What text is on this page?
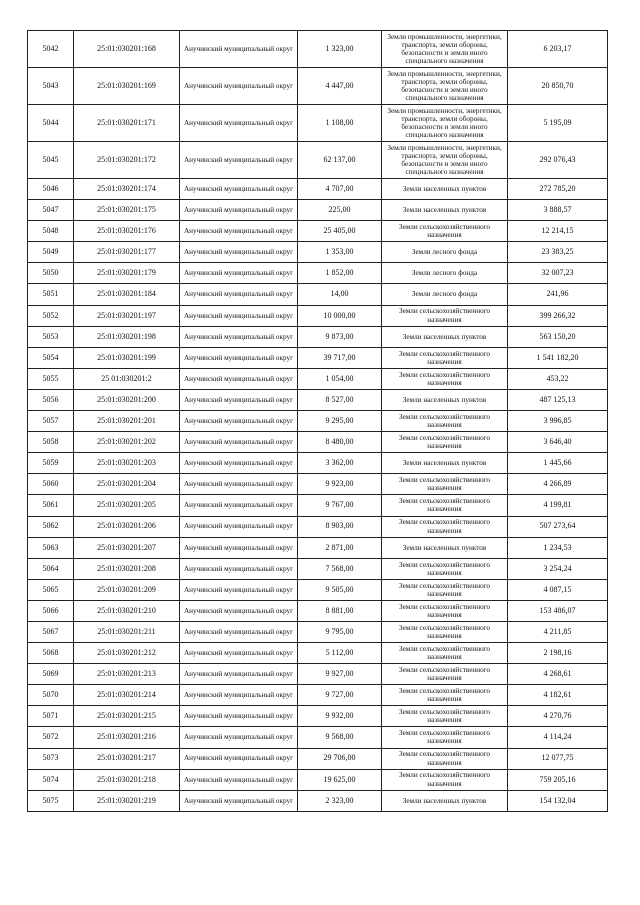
5042	25:01:030201:168	Анучинский муниципальный округ	1 323,00	Земли промышленности, энергетики, транспорта, земли обороны, безопасности и земли иного специального назначения	6 203,17
5043	25:01:030201:169	Анучинский муниципальный округ	4 447,00	Земли промышленности, энергетики, транспорта, земли обороны, безопасности и земли иного специального назначения	20 850,70
5044	25:01:030201:171	Анучинский муниципальный округ	1 108,00	Земли промышленности, энергетики, транспорта, земли обороны, безопасности и земли иного специального назначения	5 195,09
5045	25:01:030201:172	Анучинский муниципальный округ	62 137,00	Земли промышленности, энергетики, транспорта, земли обороны, безопасности и земли иного специального назначения	292 076,43
5046	25:01:030201:174	Анучинский муниципальный округ	4 707,00	Земли населенных пунктов	272 785,20
5047	25:01:030201:175	Анучинский муниципальный округ	225,00	Земли населенных пунктов	3 888,57
5048	25:01:030201:176	Анучинский муниципальный округ	25 405,00	Земли сельскохозяйственного назначения	12 214,15
5049	25:01:030201:177	Анучинский муниципальный округ	1 353,00	Земли лесного фонда	23 383,25
5050	25:01:030201:179	Анучинский муниципальный округ	1 852,00	Земли лесного фонда	32 007,23
5051	25:01:030201:184	Анучинский муниципальный округ	14,00	Земли лесного фонда	241,96
5052	25:01:030201:197	Анучинский муниципальный округ	10 000,00	Земли сельскохозяйственного назначения	399 266,32
5053	25:01:030201:198	Анучинский муниципальный округ	9 873,00	Земли населенных пунктов	563 150,20
5054	25:01:030201:199	Анучинский муниципальный округ	39 717,00	Земли сельскохозяйственного назначения	1 541 182,20
5055	25 01:030201:2	Анучинский муниципальный округ	1 054,00	Земли сельскохозяйственного назначения	453,22
5056	25:01:030201:200	Анучинский муниципальный округ	8 527,00	Земли населенных пунктов	487 125,13
5057	25:01:030201:201	Анучинский муниципальный округ	9 295,00	Земли сельскохозяйственного назначения	3 996,85
5058	25:01:030201:202	Анучинский муниципальный округ	8 480,00	Земли сельскохозяйственного назначения	3 646,40
5059	25:01:030201:203	Анучинский муниципальный округ	3 362,00	Земли населенных пунктов	1 445,66
5060	25:01:030201:204	Анучинский муниципальный округ	9 923,00	Земли сельскохозяйственного назначения	4 266,89
5061	25:01:030201:205	Анучинский муниципальный округ	9 767,00	Земли сельскохозяйственного назначения	4 199,81
5062	25:01:030201:206	Анучинский муниципальный округ	8 903,00	Земли сельскохозяйственного назначения	507 273,64
5063	25:01:030201:207	Анучинский муниципальный округ	2 871,00	Земли населенных пунктов	1 234,53
5064	25:01:030201:208	Анучинский муниципальный округ	7 568,00	Земли сельскохозяйственного назначения	3 254,24
5065	25:01:030201:209	Анучинский муниципальный округ	9 505,00	Земли сельскохозяйственного назначения	4 087,15
5066	25:01:030201:210	Анучинский муниципальный округ	8 881,00	Земли сельскохозяйственного назначения	153 486,07
5067	25:01:030201:211	Анучинский муниципальный округ	9 795,00	Земли сельскохозяйственного назначения	4 211,85
5068	25:01:030201:212	Анучинский муниципальный округ	5 112,00	Земли сельскохозяйственного назначения	2 198,16
5069	25:01:030201:213	Анучинский муниципальный округ	9 927,00	Земли сельскохозяйственного назначения	4 268,61
5070	25:01:030201:214	Анучинский муниципальный округ	9 727,00	Земли сельскохозяйственного назначения	4 182,61
5071	25:01:030201:215	Анучинский муниципальный округ	9 932,00	Земли сельскохозяйственного назначения	4 270,76
5072	25:01:030201:216	Анучинский муниципальный округ	9 568,00	Земли сельскохозяйственного назначения	4 114,24
5073	25:01:030201:217	Анучинский муниципальный округ	29 706,00	Земли сельскохозяйственного назначения	12 077,75
5074	25:01:030201:218	Анучинский муниципальный округ	19 625,00	Земли сельскохозяйственного назначения	759 205,16
5075	25:01:030201:219	Анучинский муниципальный округ	2 323,00	Земли населенных пунктов	154 132,04
